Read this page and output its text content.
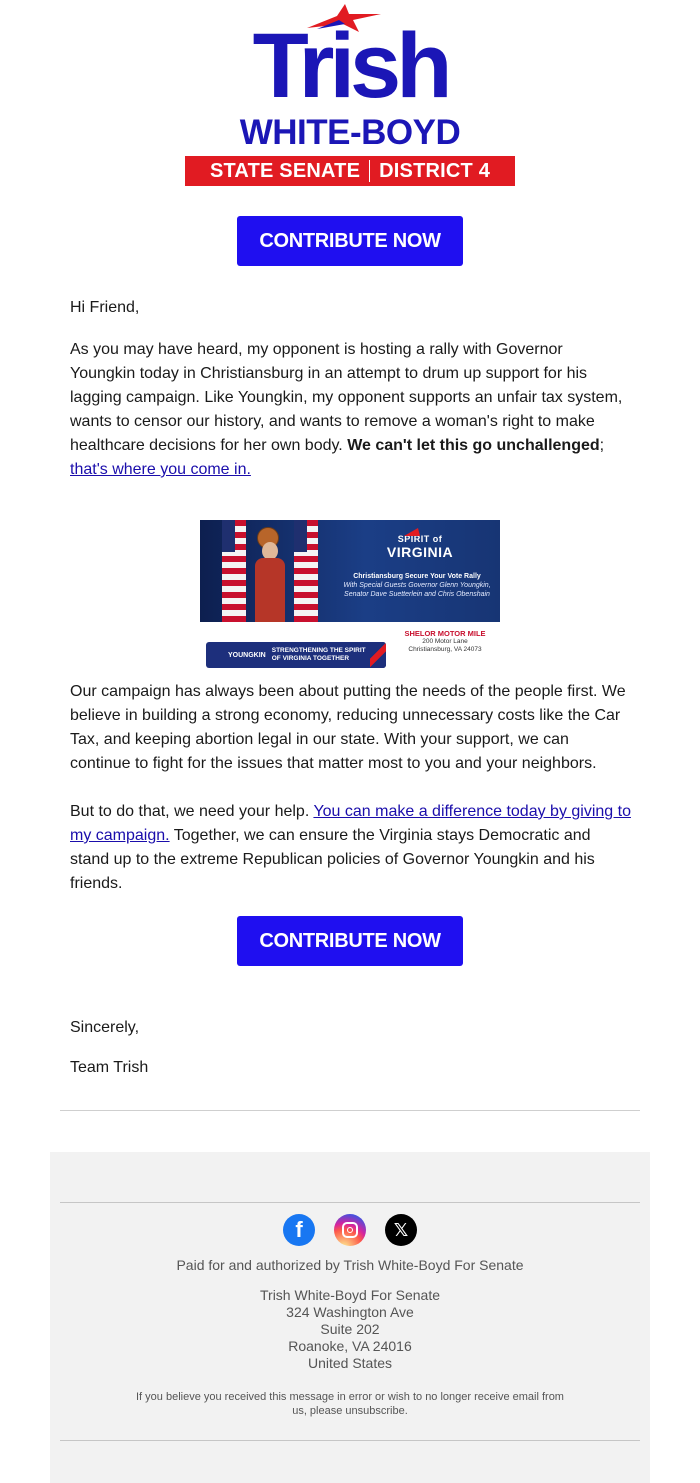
Trish
WHITE-BOYD
STATE SENATE DISTRICT 4
CONTRIBUTE NOW
Hi Friend,

As you may have heard, my opponent is hosting a rally with Governor Youngkin today in Christiansburg in an attempt to drum up support for his lagging campaign. Like Youngkin, my opponent supports an unfair tax system, wants to censor our history, and wants to remove a woman's right to make healthcare decisions for her own body. We can't let this go unchallenged; that's where you come in.

SPIRIT of
VIRGINIA
Christiansburg Secure Your Vote Rally
With Special Guests Governor Glenn Youngkin, Senator Dave Suetterlein and Chris Obenshain
YOUNGKIN
STRENGTHENING THE SPIRIT
OF VIRGINIA TOGETHER
SHELOR MOTOR MILE
200 Motor Lane
Christiansburg, VA 24073
Our campaign has always been about putting the needs of the people first. We believe in building a strong economy, reducing unnecessary costs like the Car Tax, and keeping abortion legal in our state. With your support, we can continue to fight for the issues that matter most to you and your neighbors.

But to do that, we need your help. You can make a difference today by giving to my campaign. Together, we can ensure the Virginia stays Democratic and stand up to the extreme Republican policies of Governor Youngkin and his friends.

CONTRIBUTE NOW
Sincerely,
Team Trish
f	𝕏
Paid for and authorized by Trish White-Boyd For Senate
Trish White-Boyd For Senate
324 Washington Ave
Suite 202
Roanoke, VA 24016
United States
If you believe you received this message in error or wish to no longer receive email from us, please unsubscribe.
